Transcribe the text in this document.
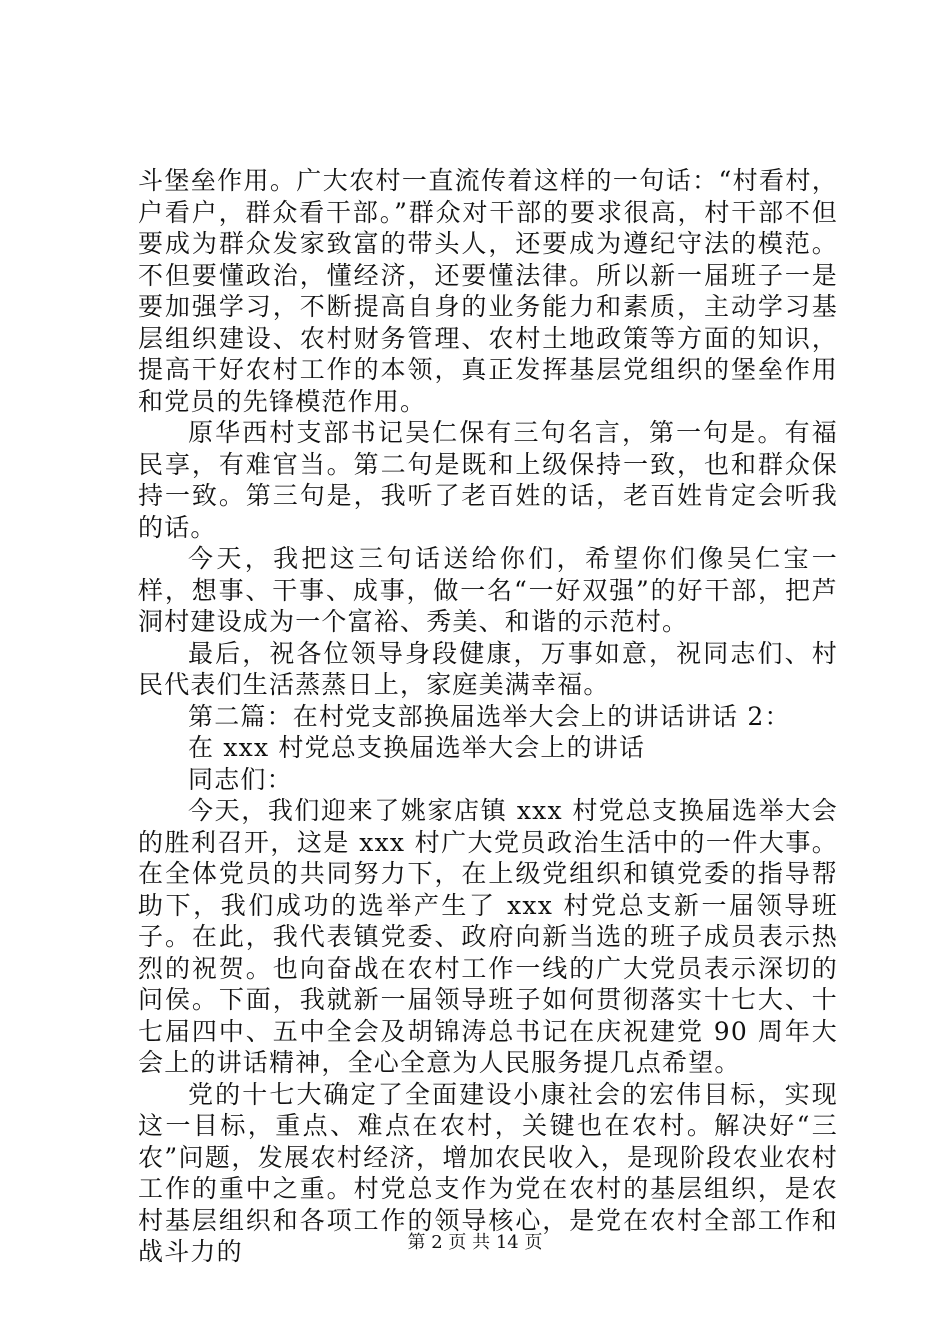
斗堡垒作用。广大农村一直流传着这样的一句话：“村看村，户看户，群众看干部。”群众对干部的要求很高，村干部不但要成为群众发家致富的带头人，还要成为遵纪守法的模范。不但要懂政治，懂经济，还要懂法律。所以新一届班子一是要加强学习，不断提高自身的业务能力和素质，主动学习基层组织建设、农村财务管理、农村土地政策等方面的知识，提高干好农村工作的本领，真正发挥基层党组织的堡垒作用和党员的先锋模范作用。

原华西村支部书记吴仁保有三句名言，第一句是。有福民享，有难官当。第二句是既和上级保持一致，也和群众保持一致。第三句是，我听了老百姓的话，老百姓肯定会听我的话。

今天，我把这三句话送给你们，希望你们像吴仁宝一样，想事、干事、成事，做一名“一好双强”的好干部，把芦洞村建设成为一个富裕、秀美、和谐的示范村。

最后，祝各位领导身段健康，万事如意，祝同志们、村民代表们生活蒸蒸日上，家庭美满幸福。

第二篇：在村党支部换届选举大会上的讲话讲话 2：

在 xxx 村党总支换届选举大会上的讲话

同志们：

今天，我们迎来了姚家店镇 xxx 村党总支换届选举大会的胜利召开，这是 xxx 村广大党员政治生活中的一件大事。在全体党员的共同努力下，在上级党组织和镇党委的指导帮助下，我们成功的选举产生了 xxx 村党总支新一届领导班子。在此，我代表镇党委、政府向新当选的班子成员表示热烈的祝贺。也向奋战在农村工作一线的广大党员表示深切的问侯。下面，我就新一届领导班子如何贯彻落实十七大、十七届四中、五中全会及胡锦涛总书记在庆祝建党 90 周年大会上的讲话精神，全心全意为人民服务提几点希望。

党的十七大确定了全面建设小康社会的宏伟目标，实现这一目标，重点、难点在农村，关键也在农村。解决好“三农”问题，发展农村经济，增加农民收入，是现阶段农业农村工作的重中之重。村党总支作为党在农村的基层组织，是农村基层组织和各项工作的领导核心，是党在农村全部工作和战斗力的	第 2 页 共 14 页
